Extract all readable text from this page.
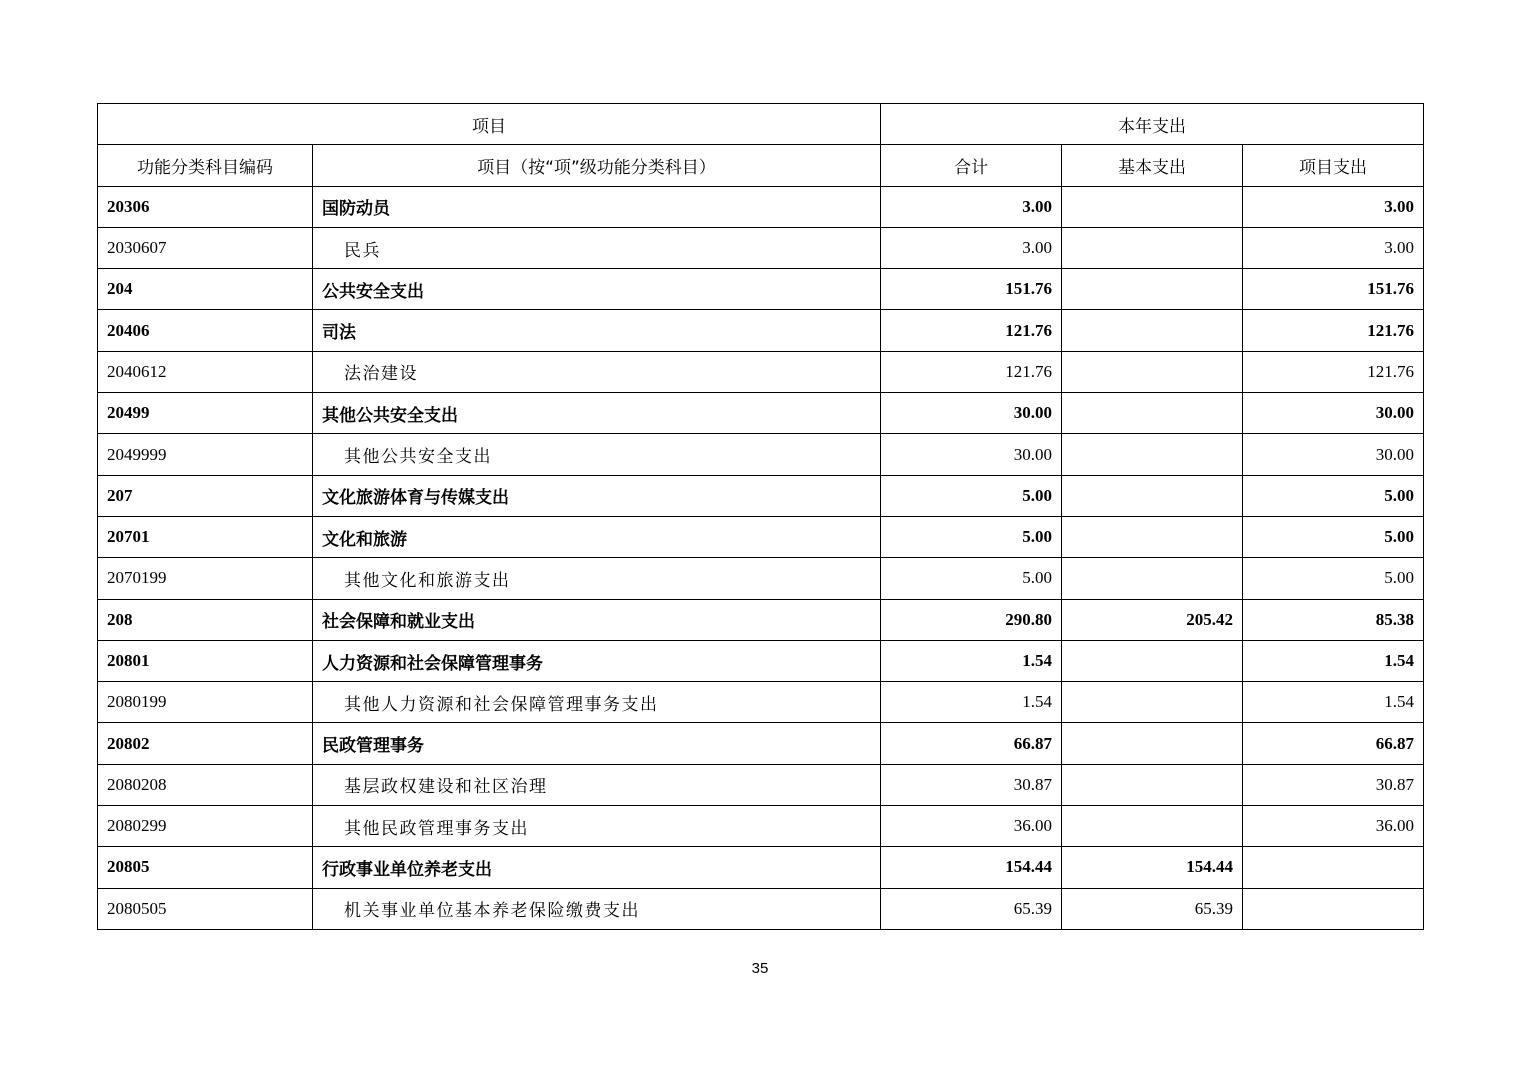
项目		本年支出		
功能分类科目编码	项目（按“项”级功能分类科目）	合计	基本支出	项目支出
20306	国防动员	3.00		3.00
2030607	民兵	3.00		3.00
204	公共安全支出	151.76		151.76
20406	司法	121.76		121.76
2040612	法治建设	121.76		121.76
20499	其他公共安全支出	30.00		30.00
2049999	其他公共安全支出	30.00		30.00
207	文化旅游体育与传媒支出	5.00		5.00
20701	文化和旅游	5.00		5.00
2070199	其他文化和旅游支出	5.00		5.00
208	社会保障和就业支出	290.80	205.42	85.38
20801	人力资源和社会保障管理事务	1.54		1.54
2080199	其他人力资源和社会保障管理事务支出	1.54		1.54
20802	民政管理事务	66.87		66.87
2080208	基层政权建设和社区治理	30.87		30.87
2080299	其他民政管理事务支出	36.00		36.00
20805	行政事业单位养老支出	154.44	154.44	
2080505	机关事业单位基本养老保险缴费支出	65.39	65.39	
35
